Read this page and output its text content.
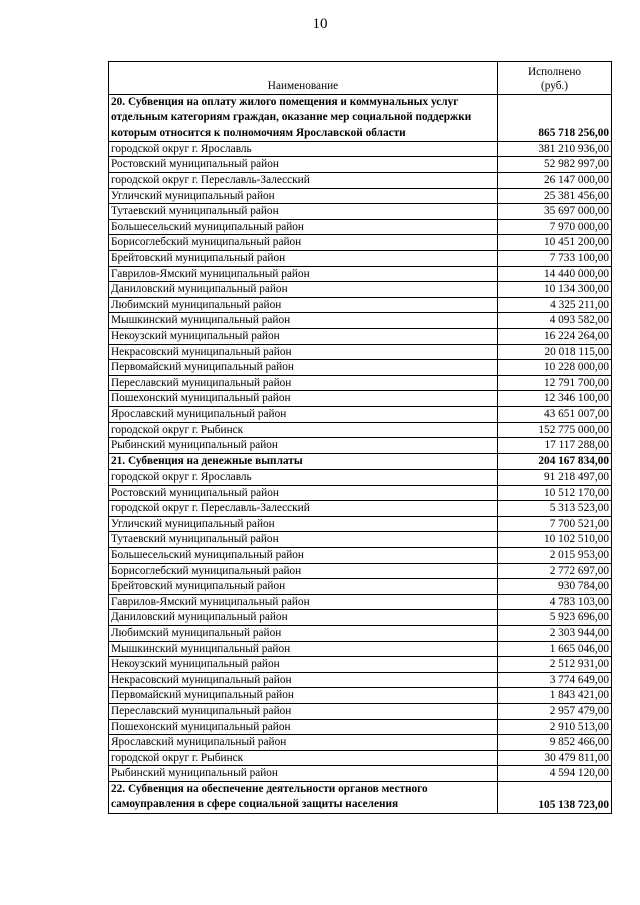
10
Наименование	Исполнено
(руб.)

20. Субвенция на оплату жилого помещения и коммунальных услуг отдельным категориям граждан, оказание мер социальной поддержки которым относится к полномочиям Ярославской области	865 718 256,00
городской округ г. Ярославль	381 210 936,00
Ростовский муниципальный район	52 982 997,00
городской округ г. Переславль-Залесский	26 147 000,00
Угличский муниципальный район	25 381 456,00
Тутаевский муниципальный район	35 697 000,00
Большесельский муниципальный район	7 970 000,00
Борисоглебский муниципальный район	10 451 200,00
Брейтовский муниципальный район	7 733 100,00
Гаврилов-Ямский муниципальный район	14 440 000,00
Даниловский муниципальный район	10 134 300,00
Любимский муниципальный район	4 325 211,00
Мышкинский муниципальный район	4 093 582,00
Некоузский муниципальный район	16 224 264,00
Некрасовский муниципальный район	20 018 115,00
Первомайский муниципальный район	10 228 000,00
Переславский муниципальный район	12 791 700,00
Пошехонский муниципальный район	12 346 100,00
Ярославский муниципальный район	43 651 007,00
городской округ г. Рыбинск	152 775 000,00
Рыбинский муниципальный район	17 117 288,00
21. Субвенция на денежные выплаты	204 167 834,00
городской округ г. Ярославль	91 218 497,00
Ростовский муниципальный район	10 512 170,00
городской округ г. Переславль-Залесский	5 313 523,00
Угличский муниципальный район	7 700 521,00
Тутаевский муниципальный район	10 102 510,00
Большесельский муниципальный район	2 015 953,00
Борисоглебский муниципальный район	2 772 697,00
Брейтовский муниципальный район	930 784,00
Гаврилов-Ямский муниципальный район	4 783 103,00
Даниловский муниципальный район	5 923 696,00
Любимский муниципальный район	2 303 944,00
Мышкинский муниципальный район	1 665 046,00
Некоузский муниципальный район	2 512 931,00
Некрасовский муниципальный район	3 774 649,00
Первомайский муниципальный район	1 843 421,00
Переславский муниципальный район	2 957 479,00
Пошехонский муниципальный район	2 910 513,00
Ярославский муниципальный район	9 852 466,00
городской округ г. Рыбинск	30 479 811,00
Рыбинский муниципальный район	4 594 120,00
22. Субвенция на обеспечение деятельности органов местного самоуправления в сфере социальной защиты населения	105 138 723,00
